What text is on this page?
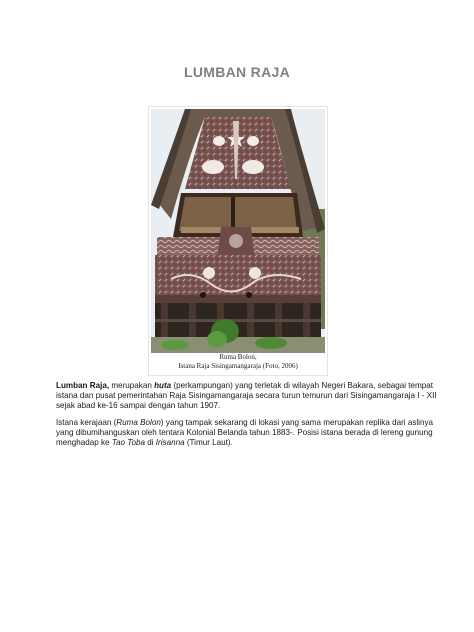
LUMBAN RAJA
Ruma Bolon,
Istana Raja Sisingamangaraja (Foto, 2006)
Lumban Raja, merupakan huta (perkampungan) yang terletak di wilayah Negeri Bakara, sebagai tempat
istana dan pusat pemerintahan Raja Sisingamangaraja secara turun temurun dari Sisingamangaraja I - XII
sejak abad ke-16 sampai dengan tahun 1907.
Istana kerajaan (Ruma Bolon) yang tampak sekarang di lokasi yang sama merupakan replika dari aslinya
yang dibumihanguskan oleh tentara Kolonial Belanda tahun 1883-. Posisi istana berada di lereng gunung
menghadap ke Tao Toba di Irisanna (Timur Laut).
